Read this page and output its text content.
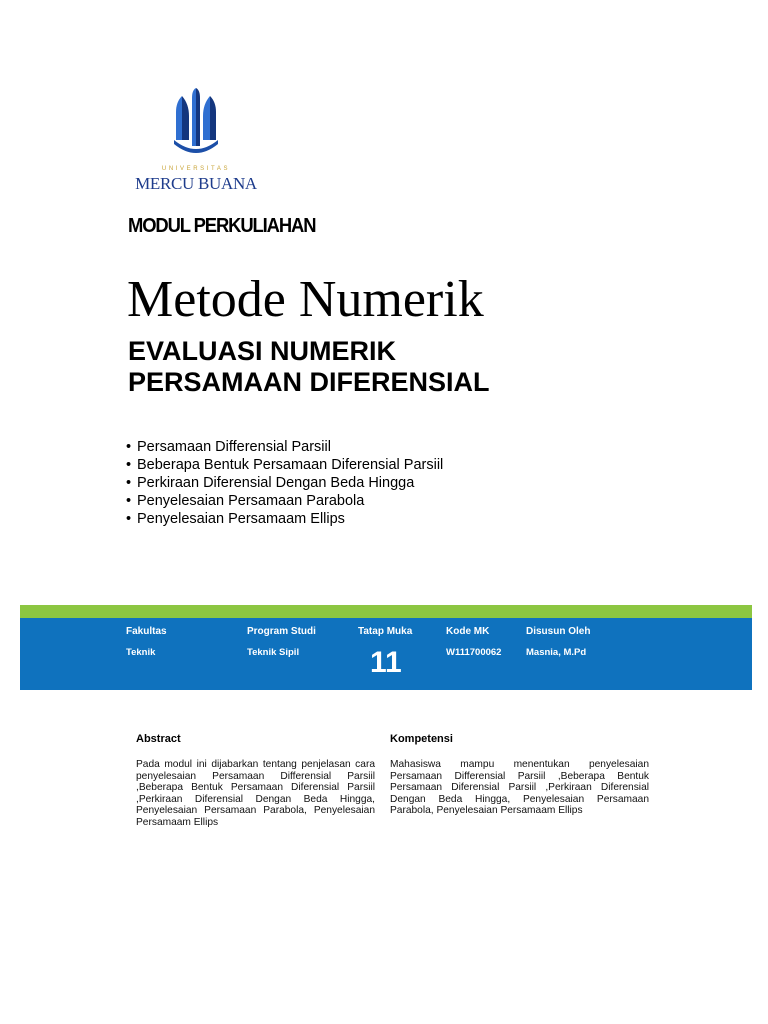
UNIVERSITAS
MERCU BUANA
MODUL PERKULIAHAN
Metode Numerik
EVALUASI NUMERIK
PERSAMAAN DIFERENSIAL
• Persamaan Differensial Parsiil
• Beberapa Bentuk Persamaan Diferensial Parsiil
• Perkiraan Diferensial Dengan Beda Hingga
• Penyelesaian Persamaan Parabola
• Penyelesaian Persamaam Ellips
Fakultas
Teknik
Program Studi
Teknik Sipil
Tatap Muka
11
Kode MK
W111700062
Disusun Oleh
Masnia, M.Pd
Abstract

Pada modul ini dijabarkan tentang penjelasan cara penyelesaian Persamaan Differensial Parsiil ,Beberapa Bentuk Persamaan Diferensial Parsiil ,Perkiraan Diferensial Dengan Beda Hingga, Penyelesaian Persamaan Parabola, Penyelesaian Persamaam Ellips

Kompetensi

Mahasiswa mampu menentukan penyelesaian Persamaan Differensial Parsiil ,Beberapa Bentuk Persamaan Diferensial Parsiil ,Perkiraan Diferensial Dengan Beda Hingga, Penyelesaian Persamaan Parabola, Penyelesaian Persamaam Ellips
